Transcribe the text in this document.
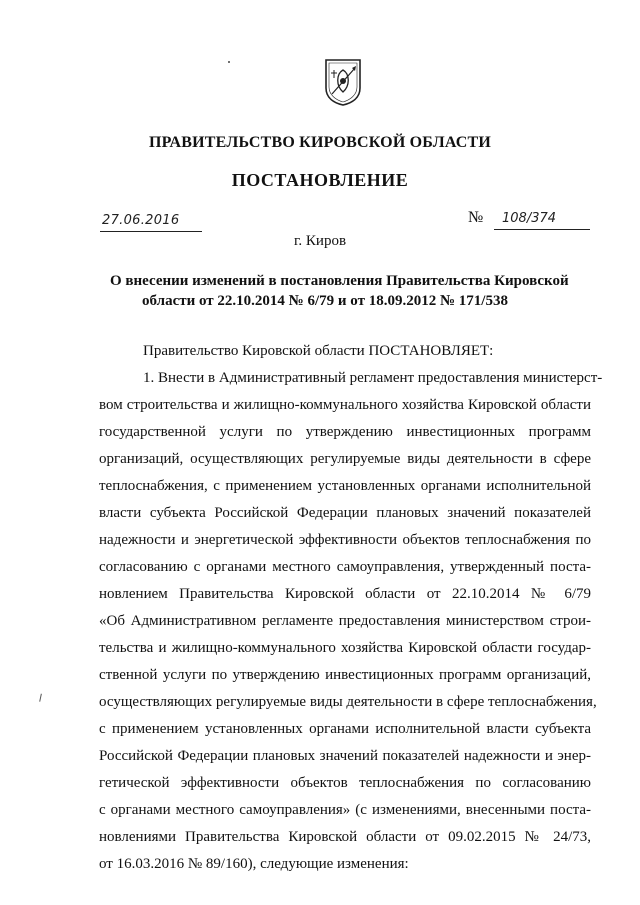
ПРАВИТЕЛЬСТВО КИРОВСКОЙ ОБЛАСТИ
ПОСТАНОВЛЕНИЕ
27.06.2016	№ 108/374
г. Киров
О внесении изменений в постановления Правительства Кировской
области от 22.10.2014 № 6/79 и от 18.09.2012 № 171/538
Правительство Кировской области ПОСТАНОВЛЯЕТ:
1. Внести в Административный регламент предоставления министерст-
вом строительства и жилищно-коммунального хозяйства Кировской области
государственной услуги по утверждению инвестиционных программ
организаций, осуществляющих регулируемые виды деятельности в сфере
теплоснабжения, с применением установленных органами исполнительной
власти субъекта Российской Федерации плановых значений показателей
надежности и энергетической эффективности объектов теплоснабжения по
согласованию с органами местного самоуправления, утвержденный поста-
новлением Правительства Кировской области от 22.10.2014 № 6/79
«Об Административном регламенте предоставления министерством строи-
тельства и жилищно-коммунального хозяйства Кировской области государ-
ственной услуги по утверждению инвестиционных программ организаций,
осуществляющих регулируемые виды деятельности в сфере теплоснабжения,
с применением установленных органами исполнительной власти субъекта
Российской Федерации плановых значений показателей надежности и энер-
гетической эффективности объектов теплоснабжения по согласованию
с органами местного самоуправления» (с изменениями, внесенными поста-
новлениями Правительства Кировской области от 09.02.2015 № 24/73,
от 16.03.2016 № 89/160), следующие изменения:
